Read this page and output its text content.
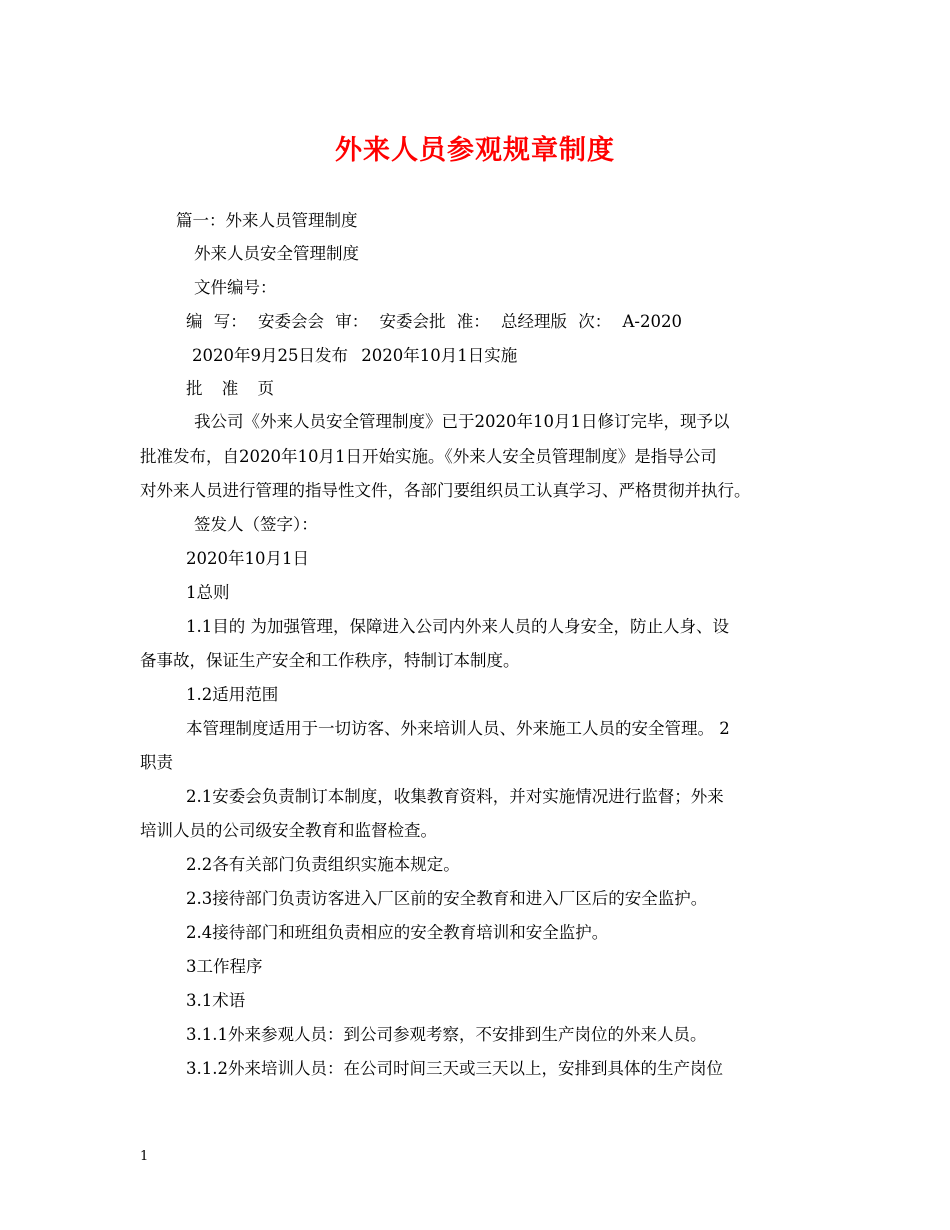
外来人员参观规章制度
篇一：外来人员管理制度
外来人员安全管理制度
文件编号：
编 写： 安委会会 审： 安委会批 准： 总经理版 次： A-2020
2020年9月25日发布 2020年10月1日实施
批 准 页
我公司《外来人员安全管理制度》已于2020年10月1日修订完毕，现予以
批准发布，自2020年10月1日开始实施。《外来人安全员管理制度》是指导公司
对外来人员进行管理的指导性文件，各部门要组织员工认真学习、严格贯彻并执行。
签发人（签字）：
2020年10月1日
1总则
1.1目的 为加强管理，保障进入公司内外来人员的人身安全，防止人身、设
备事故，保证生产安全和工作秩序，特制订本制度。
1.2适用范围
本管理制度适用于一切访客、外来培训人员、外来施工人员的安全管理。 2
职责
2.1安委会负责制订本制度，收集教育资料，并对实施情况进行监督；外来
培训人员的公司级安全教育和监督检查。
2.2各有关部门负责组织实施本规定。
2.3接待部门负责访客进入厂区前的安全教育和进入厂区后的安全监护。
2.4接待部门和班组负责相应的安全教育培训和安全监护。
3工作程序
3.1术语
3.1.1外来参观人员：到公司参观考察，不安排到生产岗位的外来人员。
3.1.2外来培训人员：在公司时间三天或三天以上，安排到具体的生产岗位
1
